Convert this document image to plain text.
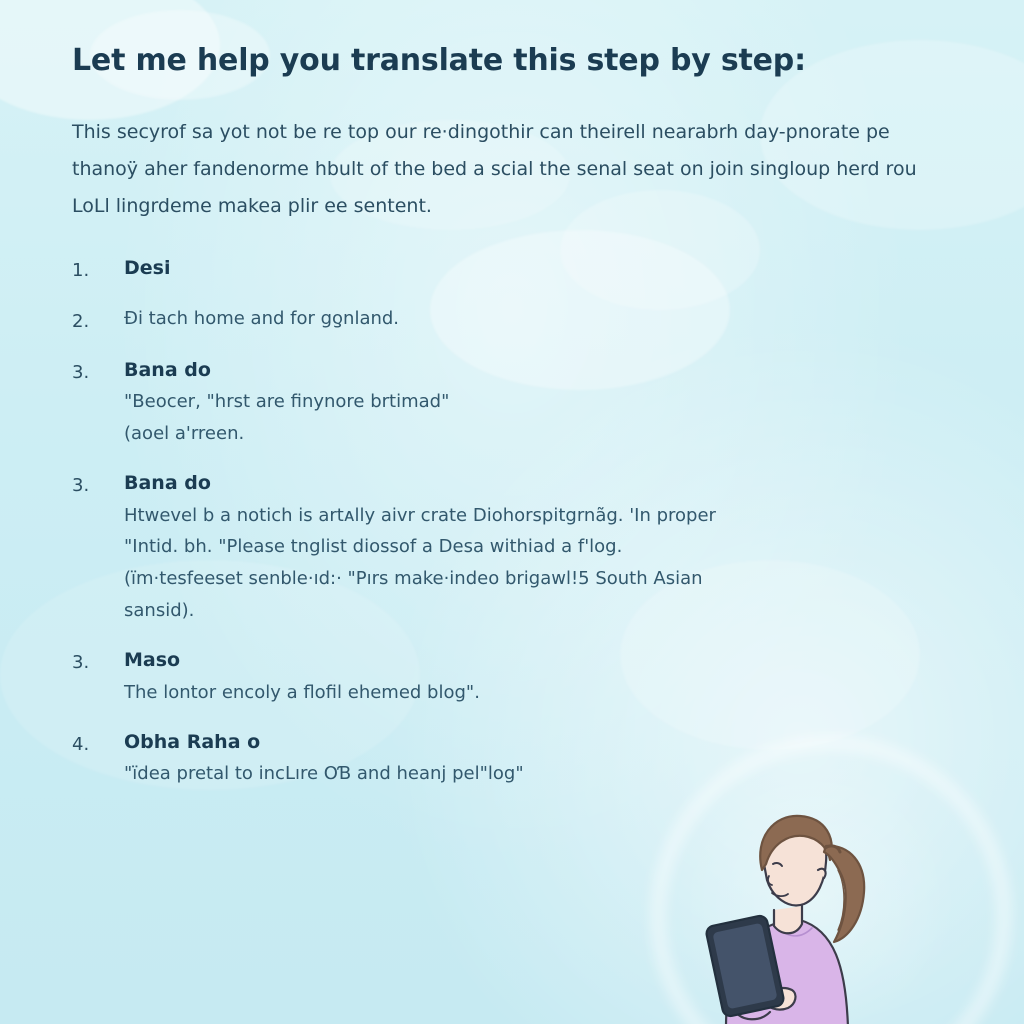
Let me help you translate this step by step:

This secyrof sa yot not be re top our re·dingothir can theirell nearabrh day-pnorate pe thanoÿ aher fandenorme hbult of the bed a scial the senal seat on join singloup herd rou LoLl lingrdeme makea plir ee sentent.

1.	Desi

2.	Ði tach home and for gƍnland.

3.	Bana do

"Beoᴄer, "hrst are finynore brtimad"

(aoel a'rreen.

3.	Bana do

Htwevel b a notich is artᴀlly aivr crate Diohorspitgrnãg. 'In proper

"Intid. bh. "Please tnglist diossof a Desa withiad a f'log.

(ïm·tesfeeset senble·ıd:· "Pırs make·indeo brigawl!5 South Asian

sansid).

3.	Maso

The lontor encoly a floﬁl ehemed blog".

4.	Obha Raha o

"ïdea pretal to incLıre OƁ and heanj pel"log"
